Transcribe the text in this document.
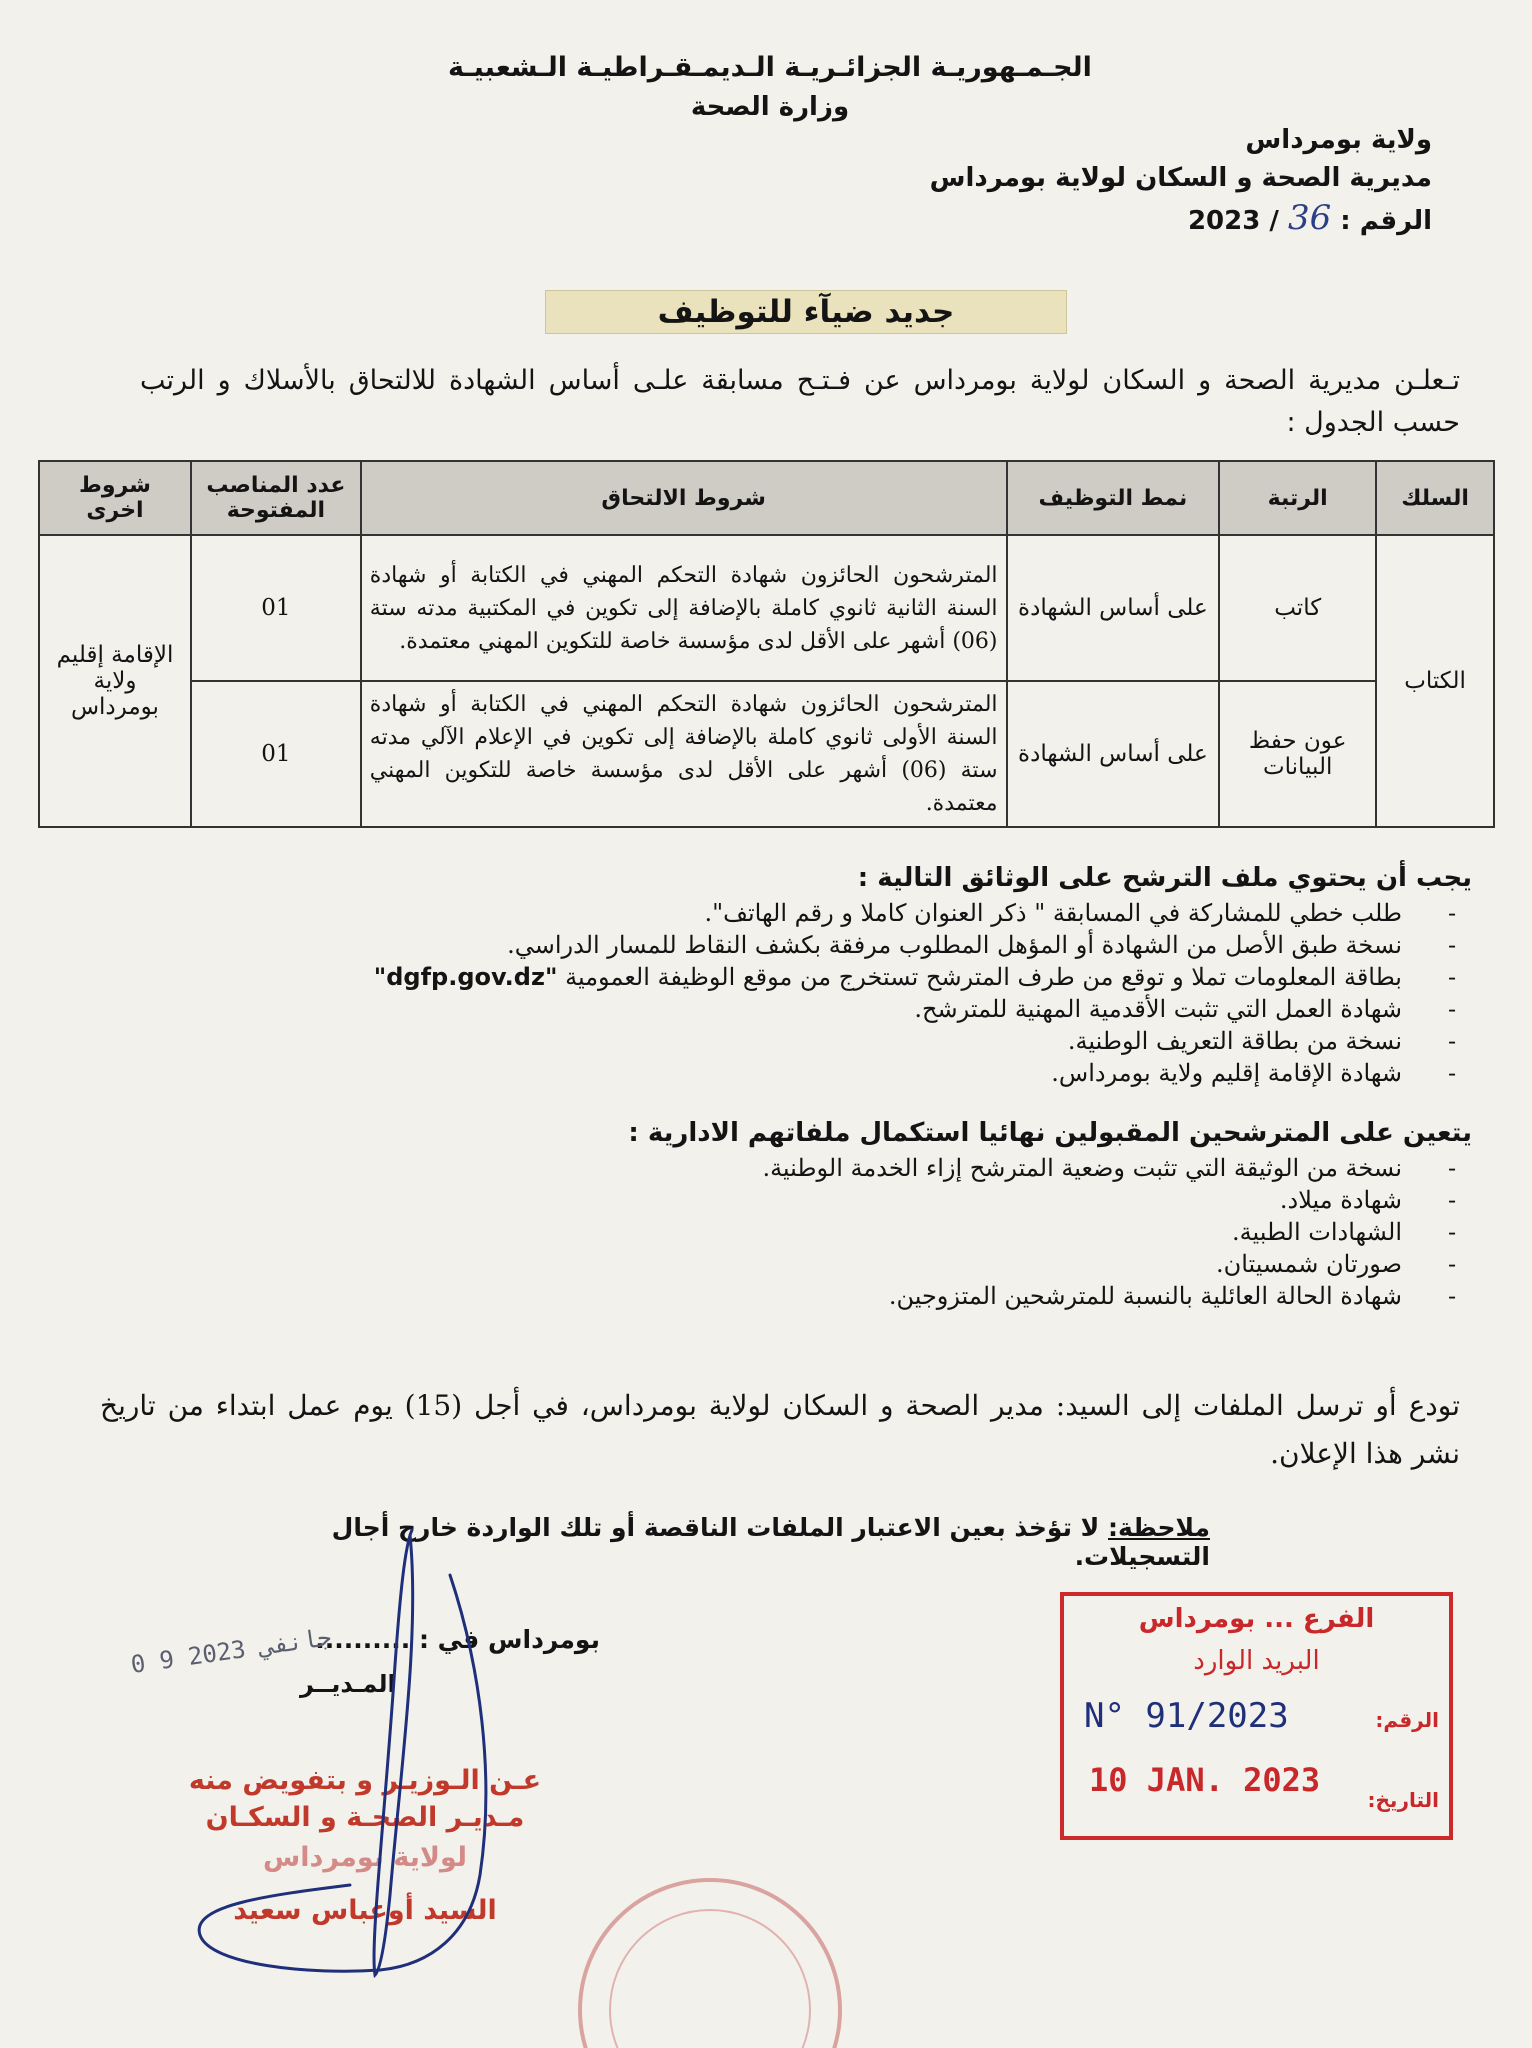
الجـمـهوريـة الجزائـريـة الـديمـقـراطيـة الـشعبيـة
وزارة الصحة
ولاية بومرداس
مديرية الصحة و السكان لولاية بومرداس
الرقم : 36 / 2023
جديد ضيآء للتوظيف
تـعلـن مديرية الصحة و السكان لولاية بومرداس عن فـتـح مسابقة علـى أساس الشهادة للالتحاق بالأسلاك و الرتب حسب الجدول :
السلك	الرتبة	نمط التوظيف	شروط الالتحاق	عدد المناصب المفتوحة	شروط اخرى
الكتاب	كاتب	على أساس الشهادة	المترشحون الحائزون شهادة التحكم المهني في الكتابة أو شهادة السنة الثانية ثانوي كاملة بالإضافة إلى تكوين في المكتبية مدته ستة (06) أشهر على الأقل لدى مؤسسة خاصة للتكوين المهني معتمدة.	01	الإقامة إقليم ولاية بومرداس
	عون حفظ البيانات	على أساس الشهادة	المترشحون الحائزون شهادة التحكم المهني في الكتابة أو شهادة السنة الأولى ثانوي كاملة بالإضافة إلى تكوين في الإعلام الآلي مدته ستة (06) أشهر على الأقل لدى مؤسسة خاصة للتكوين المهني معتمدة.	01	
يجب أن يحتوي ملف الترشح على الوثائق التالية :
-
طلب خطي للمشاركة في المسابقة " ذكر العنوان كاملا و رقم الهاتف".
-
نسخة طبق الأصل من الشهادة أو المؤهل المطلوب مرفقة بكشف النقاط للمسار الدراسي.
-
بطاقة المعلومات تملا و توقع من طرف المترشح تستخرج من موقع الوظيفة العمومية "dgfp.gov.dz"
-
شهادة العمل التي تثبت الأقدمية المهنية للمترشح.
-
نسخة من بطاقة التعريف الوطنية.
-
شهادة الإقامة إقليم ولاية بومرداس.
يتعين على المترشحين المقبولين نهائيا استكمال ملفاتهم الادارية :
-
نسخة من الوثيقة التي تثبت وضعية المترشح إزاء الخدمة الوطنية.
-
شهادة ميلاد.
-
الشهادات الطبية.
-
صورتان شمسيتان.
-
شهادة الحالة العائلية بالنسبة للمترشحين المتزوجين.
تودع أو ترسل الملفات إلى السيد: مدير الصحة و السكان لولاية بومرداس، في أجل (15) يوم عمل ابتداء من تاريخ نشر هذا الإعلان.
ملاحظة: لا تؤخذ بعين الاعتبار الملفات الناقصة أو تلك الواردة خارج أجال التسجيلات.
بومرداس في : ..........
0 9 جانفي 2023
المـديــر
عـن الـوزيـر و بتفويض منه
مـديـر الصحـة و السكـان
لولاية بومرداس
السيد أوعباس سعيد
الفرع ... بومرداس
البريد الوارد
الرقم:
N° 91/2023
التاريخ:
10 JAN. 2023
